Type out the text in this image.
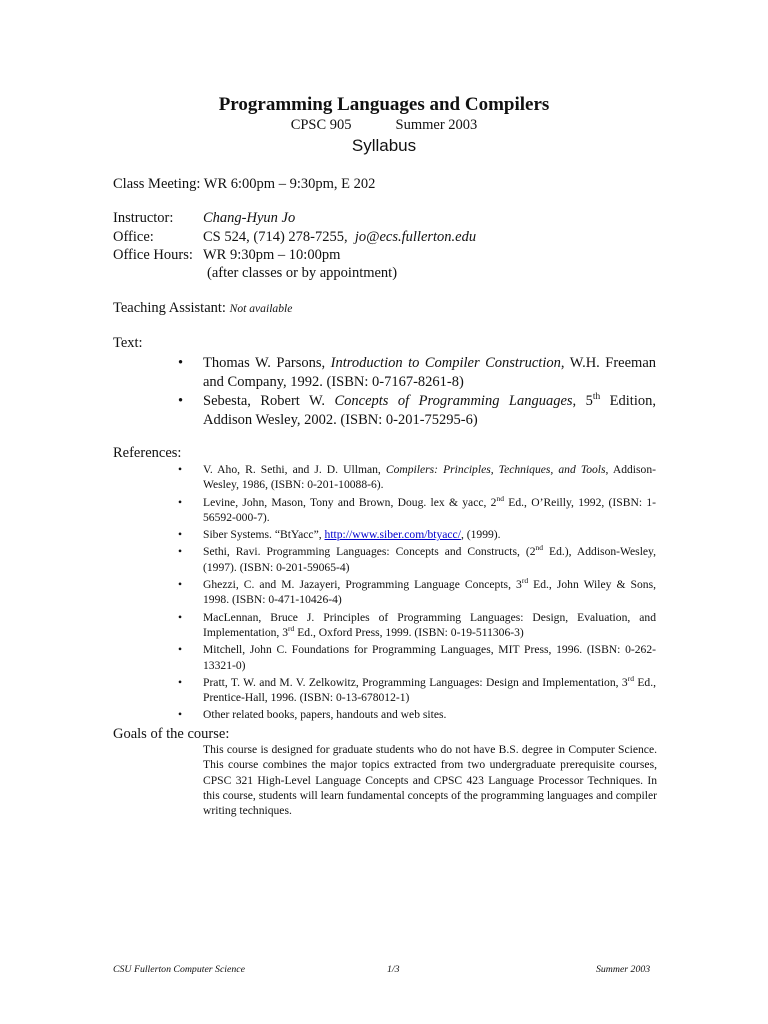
Programming Languages and Compilers
CPSC 905	Summer 2003
Syllabus
Class Meeting: WR 6:00pm – 9:30pm, E 202
Instructor: Chang-Hyun Jo
Office:	CS 524, (714) 278-7255, jo@ecs.fullerton.edu
Office Hours: WR 9:30pm – 10:00pm
(after classes or by appointment)
Teaching Assistant: Not available
Text:
• Thomas W. Parsons, Introduction to Compiler Construction, W.H. Freeman and Company, 1992. (ISBN: 0-7167-8261-8)
• Sebesta, Robert W. Concepts of Programming Languages, 5th Edition, Addison Wesley, 2002. (ISBN: 0-201-75295-6)
References:
• V. Aho, R. Sethi, and J. D. Ullman, Compilers: Principles, Techniques, and Tools, Addison-Wesley, 1986, (ISBN: 0-201-10088-6).
• Levine, John, Mason, Tony and Brown, Doug. lex & yacc, 2nd Ed., O’Reilly, 1992, (ISBN: 1-56592-000-7).
• Siber Systems. “BtYacc”, http://www.siber.com/btyacc/, (1999).
• Sethi, Ravi. Programming Languages: Concepts and Constructs, (2nd Ed.), Addison-Wesley, (1997). (ISBN: 0-201-59065-4)
• Ghezzi, C. and M. Jazayeri, Programming Language Concepts, 3rd Ed., John Wiley & Sons, 1998. (ISBN: 0-471-10426-4)
• MacLennan, Bruce J. Principles of Programming Languages: Design, Evaluation, and Implementation, 3rd Ed., Oxford Press, 1999. (ISBN: 0-19-511306-3)
• Mitchell, John C. Foundations for Programming Languages, MIT Press, 1996. (ISBN: 0-262-13321-0)
• Pratt, T. W. and M. V. Zelkowitz, Programming Languages: Design and Implementation, 3rd Ed., Prentice-Hall, 1996. (ISBN: 0-13-678012-1)
• Other related books, papers, handouts and web sites.
Goals of the course:
This course is designed for graduate students who do not have B.S. degree in Computer Science. This course combines the major topics extracted from two undergraduate prerequisite courses, CPSC 321 High-Level Language Concepts and CPSC 423 Language Processor Techniques. In this course, students will learn fundamental concepts of the programming languages and compiler writing techniques.
CSU Fullerton Computer Science	1/3	Summer 2003
